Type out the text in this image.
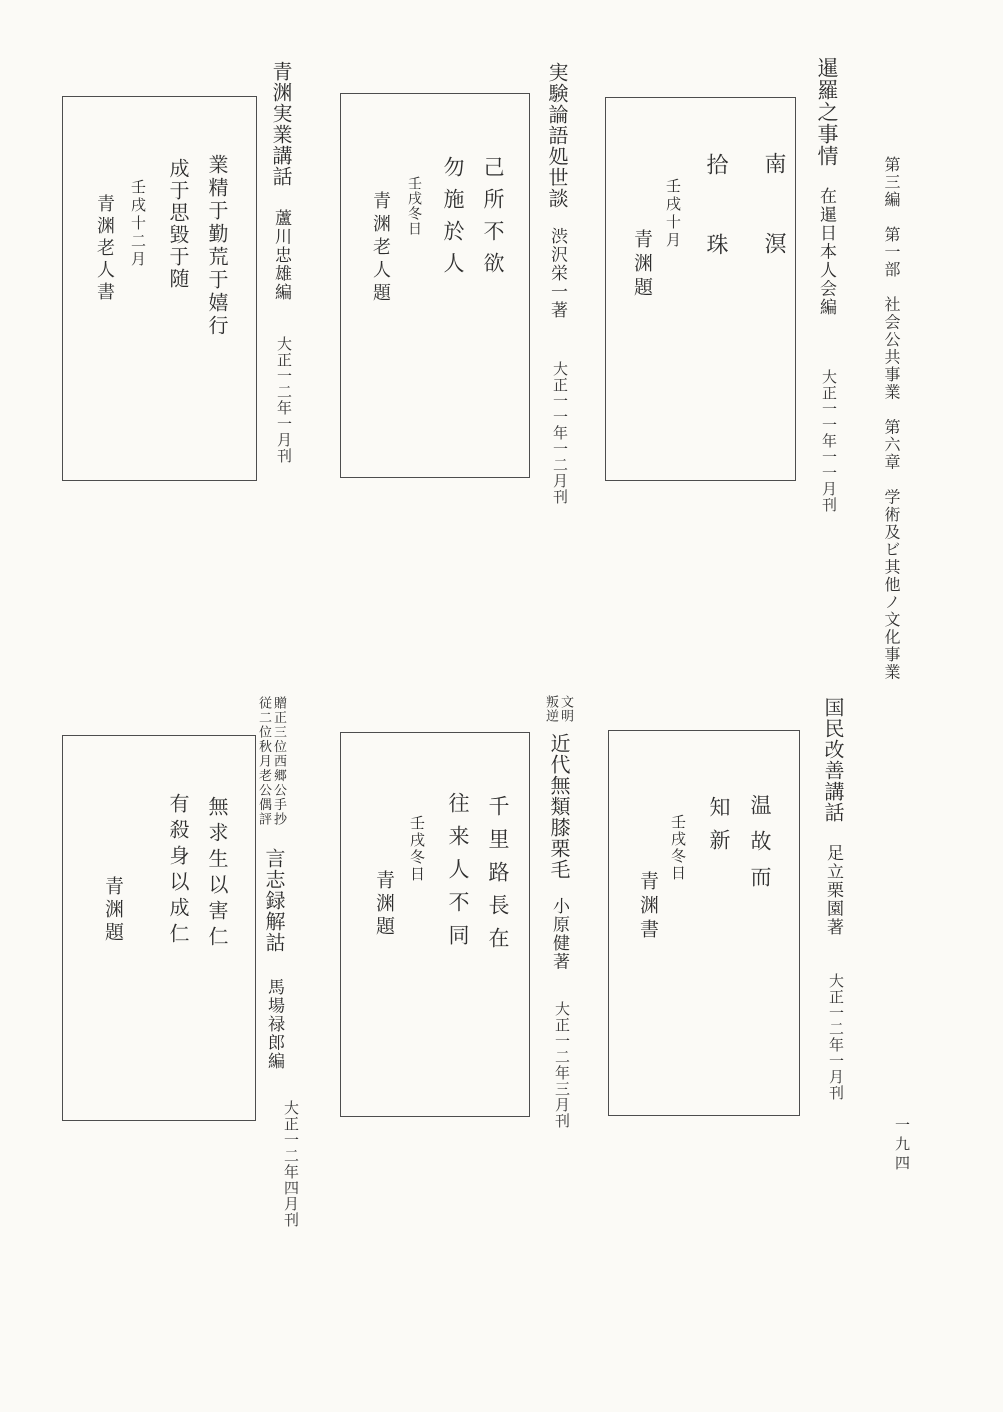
第三編　第一部　社会公共事業　第六章　学術及ビ其他ノ文化事業
一九四
暹羅之事情
在暹日本人会編
大正一一年一一月刊
南溟
拾珠
壬戌十月
青渊題
実験論語処世談
渋沢栄一著
大正一一年一二月刊
己所不欲
勿施於人
壬戌冬日
青渊老人題
青渊実業講話
蘆川忠雄編
大正一二年一月刊
業精于勤荒于嬉行
成于思毀于随
壬戌十二月
青渊老人書
国民改善講話
足立栗園著
大正一二年一月刊
温故而
知新
壬戌冬日
青渊書
文明
叛逆
近代無類膝栗毛
小原健著
大正一二年三月刊
千里路長在
往来人不同
壬戌冬日
青渊題
贈正三位西郷公手抄
従二位秋月老公偶評
言志録解詁
馬場禄郎編
大正一二年四月刊
無求生以害仁
有殺身以成仁
青渊題
